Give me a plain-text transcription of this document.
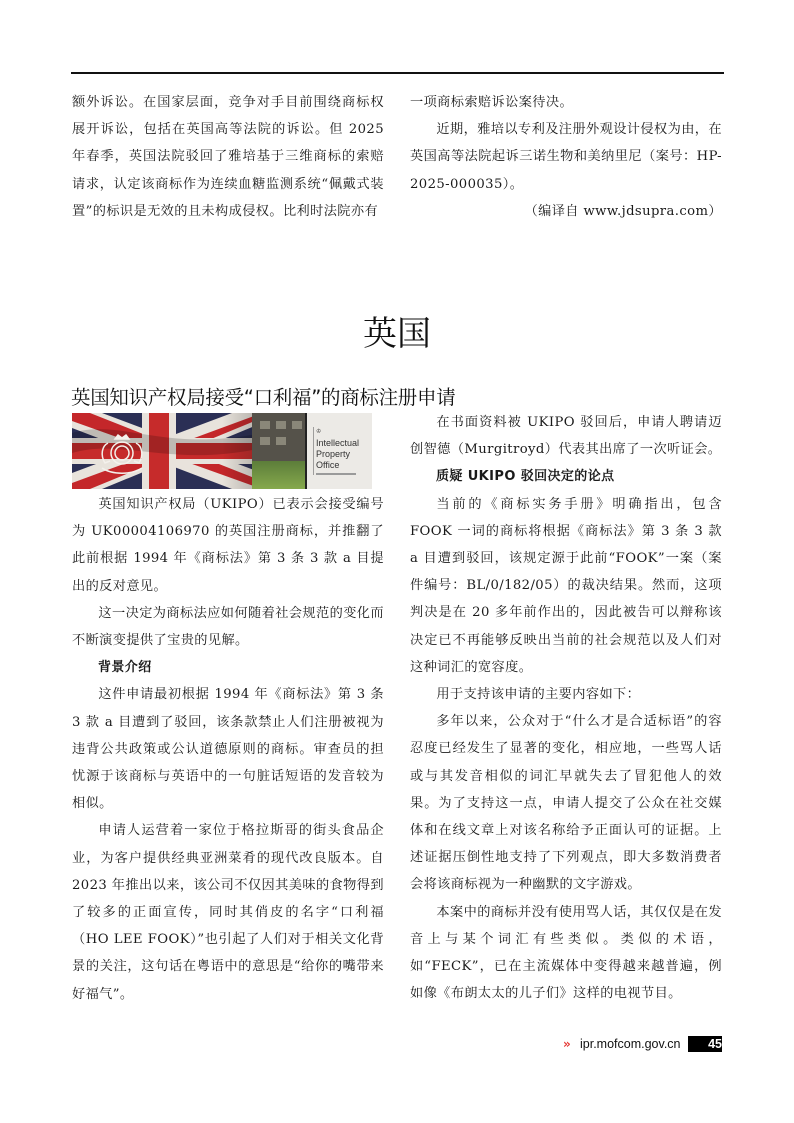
额外诉讼。在国家层面，竞争对手目前围绕商标权展开诉讼，包括在英国高等法院的诉讼。但 2025 年春季，英国法院驳回了雅培基于三维商标的索赔请求，认定该商标作为连续血糖监测系统“佩戴式装置”的标识是无效的且未构成侵权。比利时法院亦有

一项商标索赔诉讼案待决。

近期，雅培以专利及注册外观设计侵权为由，在英国高等法院起诉三诺生物和美纳里尼（案号：HP-2025-000035）。

（编译自 www.jdsupra.com）

英国
英国知识产权局接受“口利福”的商标注册申请
♔
Intellectual
Property
Office

英国知识产权局（UKIPO）已表示会接受编号为 UK00004106970 的英国注册商标，并推翻了此前根据 1994 年《商标法》第 3 条 3 款 a 目提出的反对意见。

这一决定为商标法应如何随着社会规范的变化而不断演变提供了宝贵的见解。

背景介绍

这件申请最初根据 1994 年《商标法》第 3 条 3 款 a 目遭到了驳回，该条款禁止人们注册被视为违背公共政策或公认道德原则的商标。审查员的担忧源于该商标与英语中的一句脏话短语的发音较为相似。

申请人运营着一家位于格拉斯哥的街头食品企业，为客户提供经典亚洲菜肴的现代改良版本。自 2023 年推出以来，该公司不仅因其美味的食物得到了较多的正面宣传，同时其俏皮的名字“口利福（HO LEE FOOK）”也引起了人们对于相关文化背景的关注，这句话在粤语中的意思是“给你的嘴带来好福气”。

在书面资料被 UKIPO 驳回后，申请人聘请迈创智德（Murgitroyd）代表其出席了一次听证会。

质疑 UKIPO 驳回决定的论点

当前的《商标实务手册》明确指出，包含 FOOK 一词的商标将根据《商标法》第 3 条 3 款 a 目遭到驳回，该规定源于此前“FOOK”一案（案件编号：BL/0/182/05）的裁决结果。然而，这项判决是在 20 多年前作出的，因此被告可以辩称该决定已不再能够反映出当前的社会规范以及人们对这种词汇的宽容度。

用于支持该申请的主要内容如下：

多年以来，公众对于“什么才是合适标语”的容忍度已经发生了显著的变化，相应地，一些骂人话或与其发音相似的词汇早就失去了冒犯他人的效果。为了支持这一点，申请人提交了公众在社交媒体和在线文章上对该名称给予正面认可的证据。上述证据压倒性地支持了下列观点，即大多数消费者会将该商标视为一种幽默的文字游戏。

本案中的商标并没有使用骂人话，其仅仅是在发音上与某个词汇有些类似。类似的术语，如“FECK”，已在主流媒体中变得越来越普遍，例如像《布朗太太的儿子们》这样的电视节目。

» ipr.mofcom.gov.cn	45
